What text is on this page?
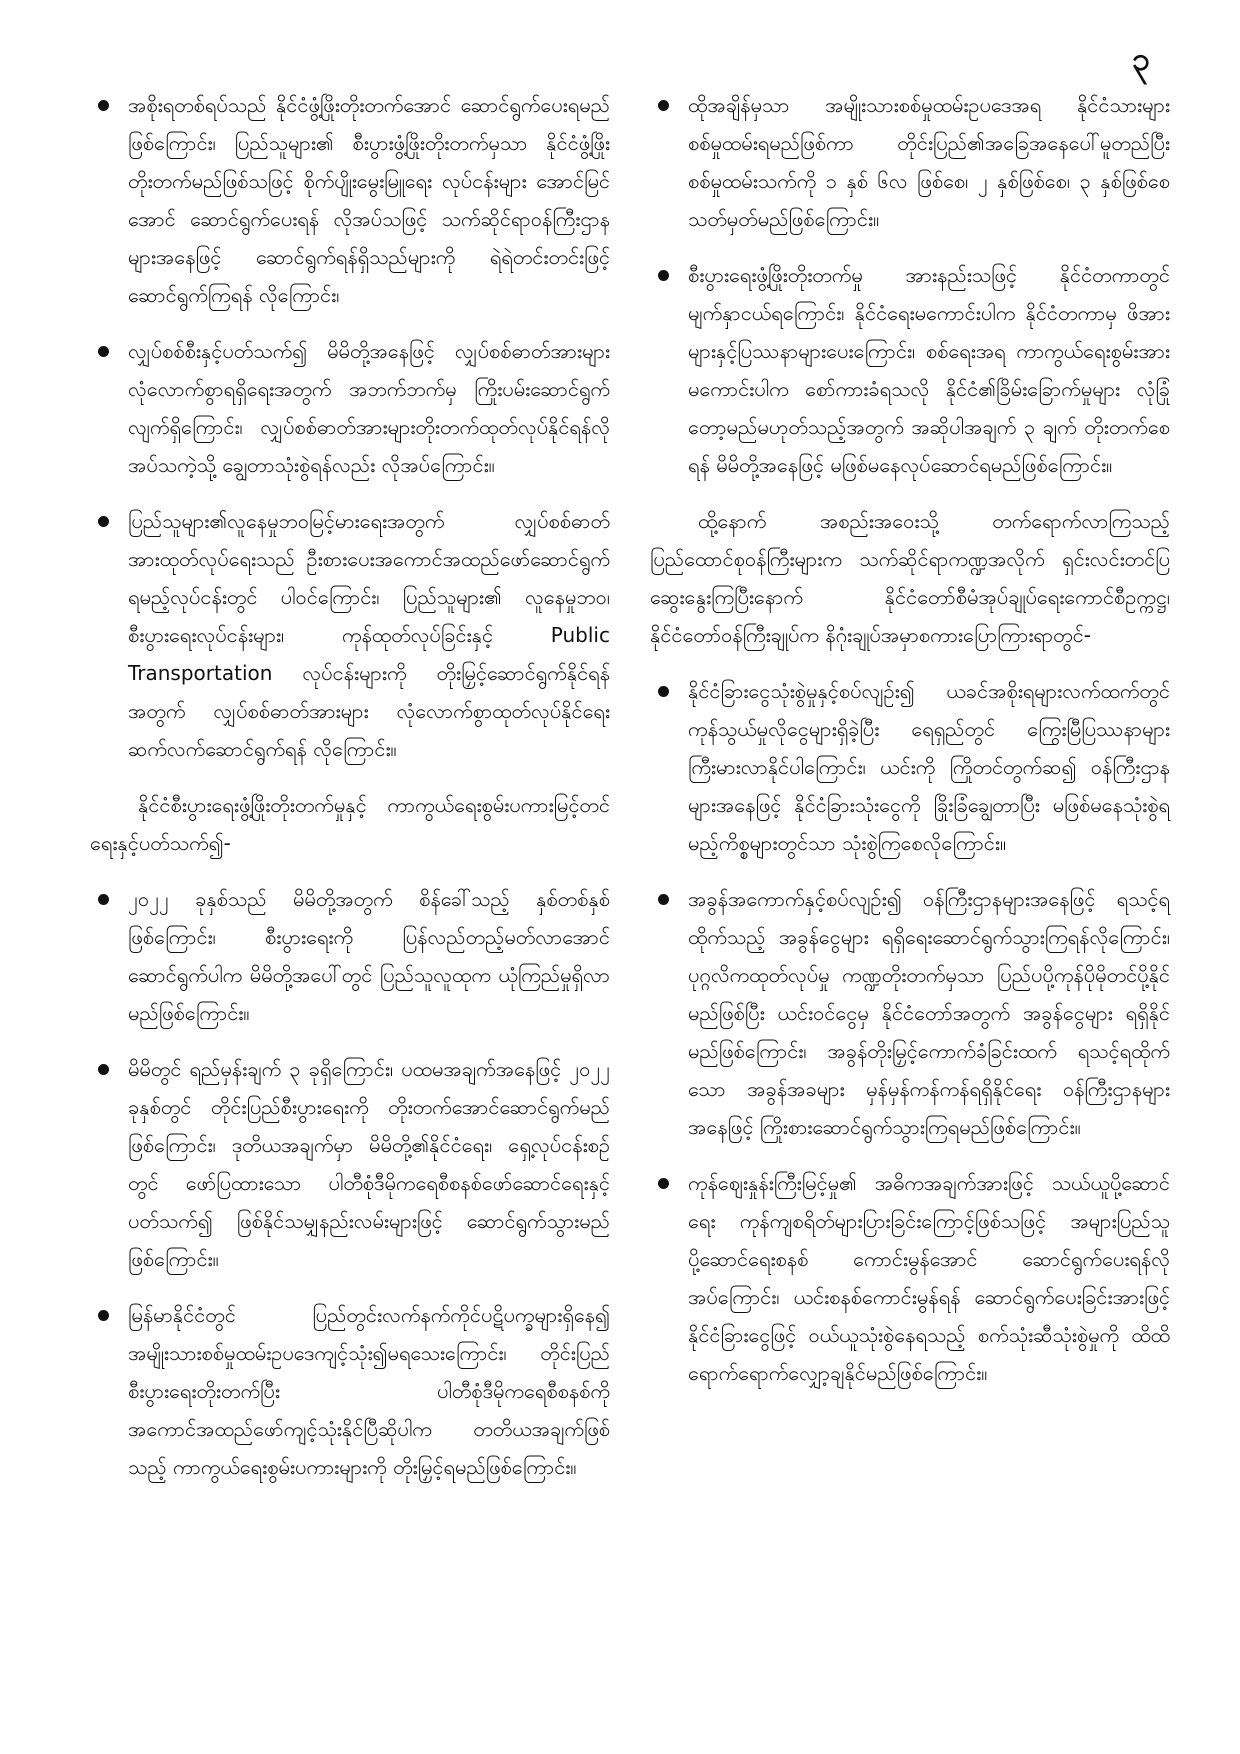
၃
အစိုးရတစ်ရပ်သည် နိုင်ငံဖွံ့ဖြိုးတိုးတက်အောင် ဆောင်ရွက်ပေးရမည်ဖြစ်ကြောင်း၊ ပြည်သူများ၏ စီးပွားဖွံ့ဖြိုးတိုးတက်မှသာ နိုင်ငံဖွံ့ဖြိုးတိုးတက်မည်ဖြစ်သဖြင့် စိုက်ပျိုးမွေးမြူရေး လုပ်ငန်းများ အောင်မြင်အောင် ဆောင်ရွက်ပေးရန် လိုအပ်သဖြင့် သက်ဆိုင်ရာဝန်ကြီးဌာနများအနေဖြင့် ဆောင်ရွက်ရန်ရှိသည်များကို ရဲရဲတင်းတင်းဖြင့် ဆောင်ရွက်ကြရန် လိုကြောင်း၊
လျှပ်စစ်စီးနှင့်ပတ်သက်၍ မိမိတို့အနေဖြင့် လျှပ်စစ်ဓာတ်အားများ လုံလောက်စွာရရှိရေးအတွက် အဘက်ဘက်မှ ကြိုးပမ်းဆောင်ရွက်လျက်ရှိကြောင်း၊ လျှပ်စစ်ဓာတ်အားများတိုးတက်ထုတ်လုပ်နိုင်ရန်လိုအပ်သကဲ့သို့ ချွေတာသုံးစွဲရန်လည်း လိုအပ်ကြောင်း။
ပြည်သူများ၏လူနေမှုဘဝမြင့်မားရေးအတွက် လျှပ်စစ်ဓာတ်အားထုတ်လုပ်ရေးသည် ဦးစားပေးအကောင်အထည်ဖော်ဆောင်ရွက်ရမည့်လုပ်ငန်းတွင် ပါဝင်ကြောင်း၊ ပြည်သူများ၏ လူနေမှုဘဝ၊ စီးပွားရေးလုပ်ငန်းများ၊ ကုန်ထုတ်လုပ်ခြင်းနှင့် Public Transportation လုပ်ငန်းများကို တိုးမြှင့်ဆောင်ရွက်နိုင်ရန်အတွက် လျှပ်စစ်ဓာတ်အားများ လုံလောက်စွာထုတ်လုပ်နိုင်ရေး ဆက်လက်ဆောင်ရွက်ရန် လိုကြောင်း။

နိုင်ငံစီးပွားရေးဖွံ့ဖြိုးတိုးတက်မှုနှင့် ကာကွယ်ရေးစွမ်းပကားမြင့်တင်ရေးနှင့်ပတ်သက်၍-

၂၀၂၂ ခုနှစ်သည် မိမိတို့အတွက် စိန်ခေါ်သည့် နှစ်တစ်နှစ်ဖြစ်ကြောင်း၊ စီးပွားရေးကို ပြန်လည်တည့်မတ်လာအောင် ဆောင်ရွက်ပါက မိမိတို့အပေါ်တွင် ပြည်သူလူထုက ယုံကြည်မှုရှိလာမည်ဖြစ်ကြောင်း။
မိမိတွင် ရည်မှန်းချက် ၃ ခုရှိကြောင်း၊ ပထမအချက်အနေဖြင့် ၂၀၂၂ ခုနှစ်တွင် တိုင်းပြည်စီးပွားရေးကို တိုးတက်အောင်ဆောင်ရွက်မည်ဖြစ်ကြောင်း၊ ဒုတိယအချက်မှာ မိမိတို့၏နိုင်ငံရေး၊ ရှေ့လုပ်ငန်းစဉ်တွင် ဖော်ပြထားသော ပါတီစုံဒီမိုကရေစီစနစ်ဖော်ဆောင်ရေးနှင့်ပတ်သက်၍ ဖြစ်နိုင်သမျှနည်းလမ်းများဖြင့် ဆောင်ရွက်သွားမည်ဖြစ်ကြောင်း။
မြန်မာနိုင်ငံတွင် ပြည်တွင်းလက်နက်ကိုင်ပဋိပက္ခများရှိနေ၍ အမျိုးသားစစ်မှုထမ်းဥပဒေကျင့်သုံး၍မရသေးကြောင်း၊ တိုင်းပြည်စီးပွားရေးတိုးတက်ပြီး ပါတီစုံဒီမိုကရေစီစနစ်ကို အကောင်အထည်ဖော်ကျင့်သုံးနိုင်ပြီဆိုပါက တတိယအချက်ဖြစ်သည့် ကာကွယ်ရေးစွမ်းပကားများကို တိုးမြှင့်ရမည်ဖြစ်ကြောင်း။
ထိုအချိန်မှသာ အမျိုးသားစစ်မှုထမ်းဥပဒေအရ နိုင်ငံသားများစစ်မှုထမ်းရမည်ဖြစ်ကာ တိုင်းပြည်၏အခြေအနေပေါ်မူတည်ပြီး စစ်မှုထမ်းသက်ကို ၁ နှစ် ၆လ ဖြစ်စေ၊ ၂ နှစ်ဖြစ်စေ၊ ၃ နှစ်ဖြစ်စေ သတ်မှတ်မည်ဖြစ်ကြောင်း။
စီးပွားရေးဖွံ့ဖြိုးတိုးတက်မှု အားနည်းသဖြင့် နိုင်ငံတကာတွင် မျက်နှာငယ်ရကြောင်း၊ နိုင်ငံရေးမကောင်းပါက နိုင်ငံတကာမှ ဖိအားများနှင့်ပြဿနာများပေးကြောင်း၊ စစ်ရေးအရ ကာကွယ်ရေးစွမ်းအားမကောင်းပါက စော်ကားခံရသလို နိုင်ငံ၏ခြိမ်းခြောက်မှုများ လုံခြုံတော့မည်မဟုတ်သည့်အတွက် အဆိုပါအချက် ၃ ချက် တိုးတက်စေရန် မိမိတို့အနေဖြင့် မဖြစ်မနေလုပ်ဆောင်ရမည်ဖြစ်ကြောင်း။

ထို့နောက် အစည်းအဝေးသို့ တက်ရောက်လာကြသည့် ပြည်ထောင်စုဝန်ကြီးများက သက်ဆိုင်ရာကဏ္ဍအလိုက် ရှင်းလင်းတင်ပြဆွေးနွေးကြပြီးနောက် နိုင်ငံတော်စီမံအုပ်ချုပ်ရေးကောင်စီဥက္ကဋ္ဌ၊ နိုင်ငံတော်ဝန်ကြီးချုပ်က နိဂုံးချုပ်အမှာစကားပြောကြားရာတွင်-

နိုင်ငံခြားငွေသုံးစွဲမှုနှင့်စပ်လျဉ်း၍ ယခင်အစိုးရများလက်ထက်တွင် ကုန်သွယ်မှုလိုငွေများရှိခဲ့ပြီး ရေရှည်တွင် ကြွေးမြီပြဿနာများ ကြီးမားလာနိုင်ပါကြောင်း၊ ယင်းကို ကြိုတင်တွက်ဆ၍ ဝန်ကြီးဌာနများအနေဖြင့် နိုင်ငံခြားသုံးငွေကို ခြိုးခြံချွေတာပြီး မဖြစ်မနေသုံးစွဲရမည့်ကိစ္စများတွင်သာ သုံးစွဲကြစေလိုကြောင်း။
အခွန်အကောက်နှင့်စပ်လျဉ်း၍ ဝန်ကြီးဌာနများအနေဖြင့် ရသင့်ရထိုက်သည့် အခွန်ငွေများ ရရှိရေးဆောင်ရွက်သွားကြရန်လိုကြောင်း၊ ပုဂ္ဂလိကထုတ်လုပ်မှု ကဏ္ဍတိုးတက်မှသာ ပြည်ပပို့ကုန်ပိုမိုတင်ပို့နိုင်မည်ဖြစ်ပြီး ယင်းဝင်ငွေမှ နိုင်ငံတော်အတွက် အခွန်ငွေများ ရရှိနိုင်မည်ဖြစ်ကြောင်း၊ အခွန်တိုးမြှင့်ကောက်ခံခြင်းထက် ရသင့်ရထိုက်သော အခွန်အခများ မှန်မှန်ကန်ကန်ရရှိနိုင်ရေး ဝန်ကြီးဌာနများအနေဖြင့် ကြိုးစားဆောင်ရွက်သွားကြရမည်ဖြစ်ကြောင်း။
ကုန်ဈေးနှုန်းကြီးမြင့်မှု၏ အဓိကအချက်အားဖြင့် သယ်ယူပို့ဆောင်ရေး ကုန်ကျစရိတ်များပြားခြင်းကြောင့်ဖြစ်သဖြင့် အများပြည်သူပို့ဆောင်ရေးစနစ် ကောင်းမွန်အောင် ဆောင်ရွက်ပေးရန်လိုအပ်ကြောင်း၊ ယင်းစနစ်ကောင်းမွန်ရန် ဆောင်ရွက်ပေးခြင်းအားဖြင့် နိုင်ငံခြားငွေဖြင့် ဝယ်ယူသုံးစွဲနေရသည့် စက်သုံးဆီသုံးစွဲမှုကို ထိထိရောက်ရောက်လျှော့ချနိုင်မည်ဖြစ်ကြောင်း။
